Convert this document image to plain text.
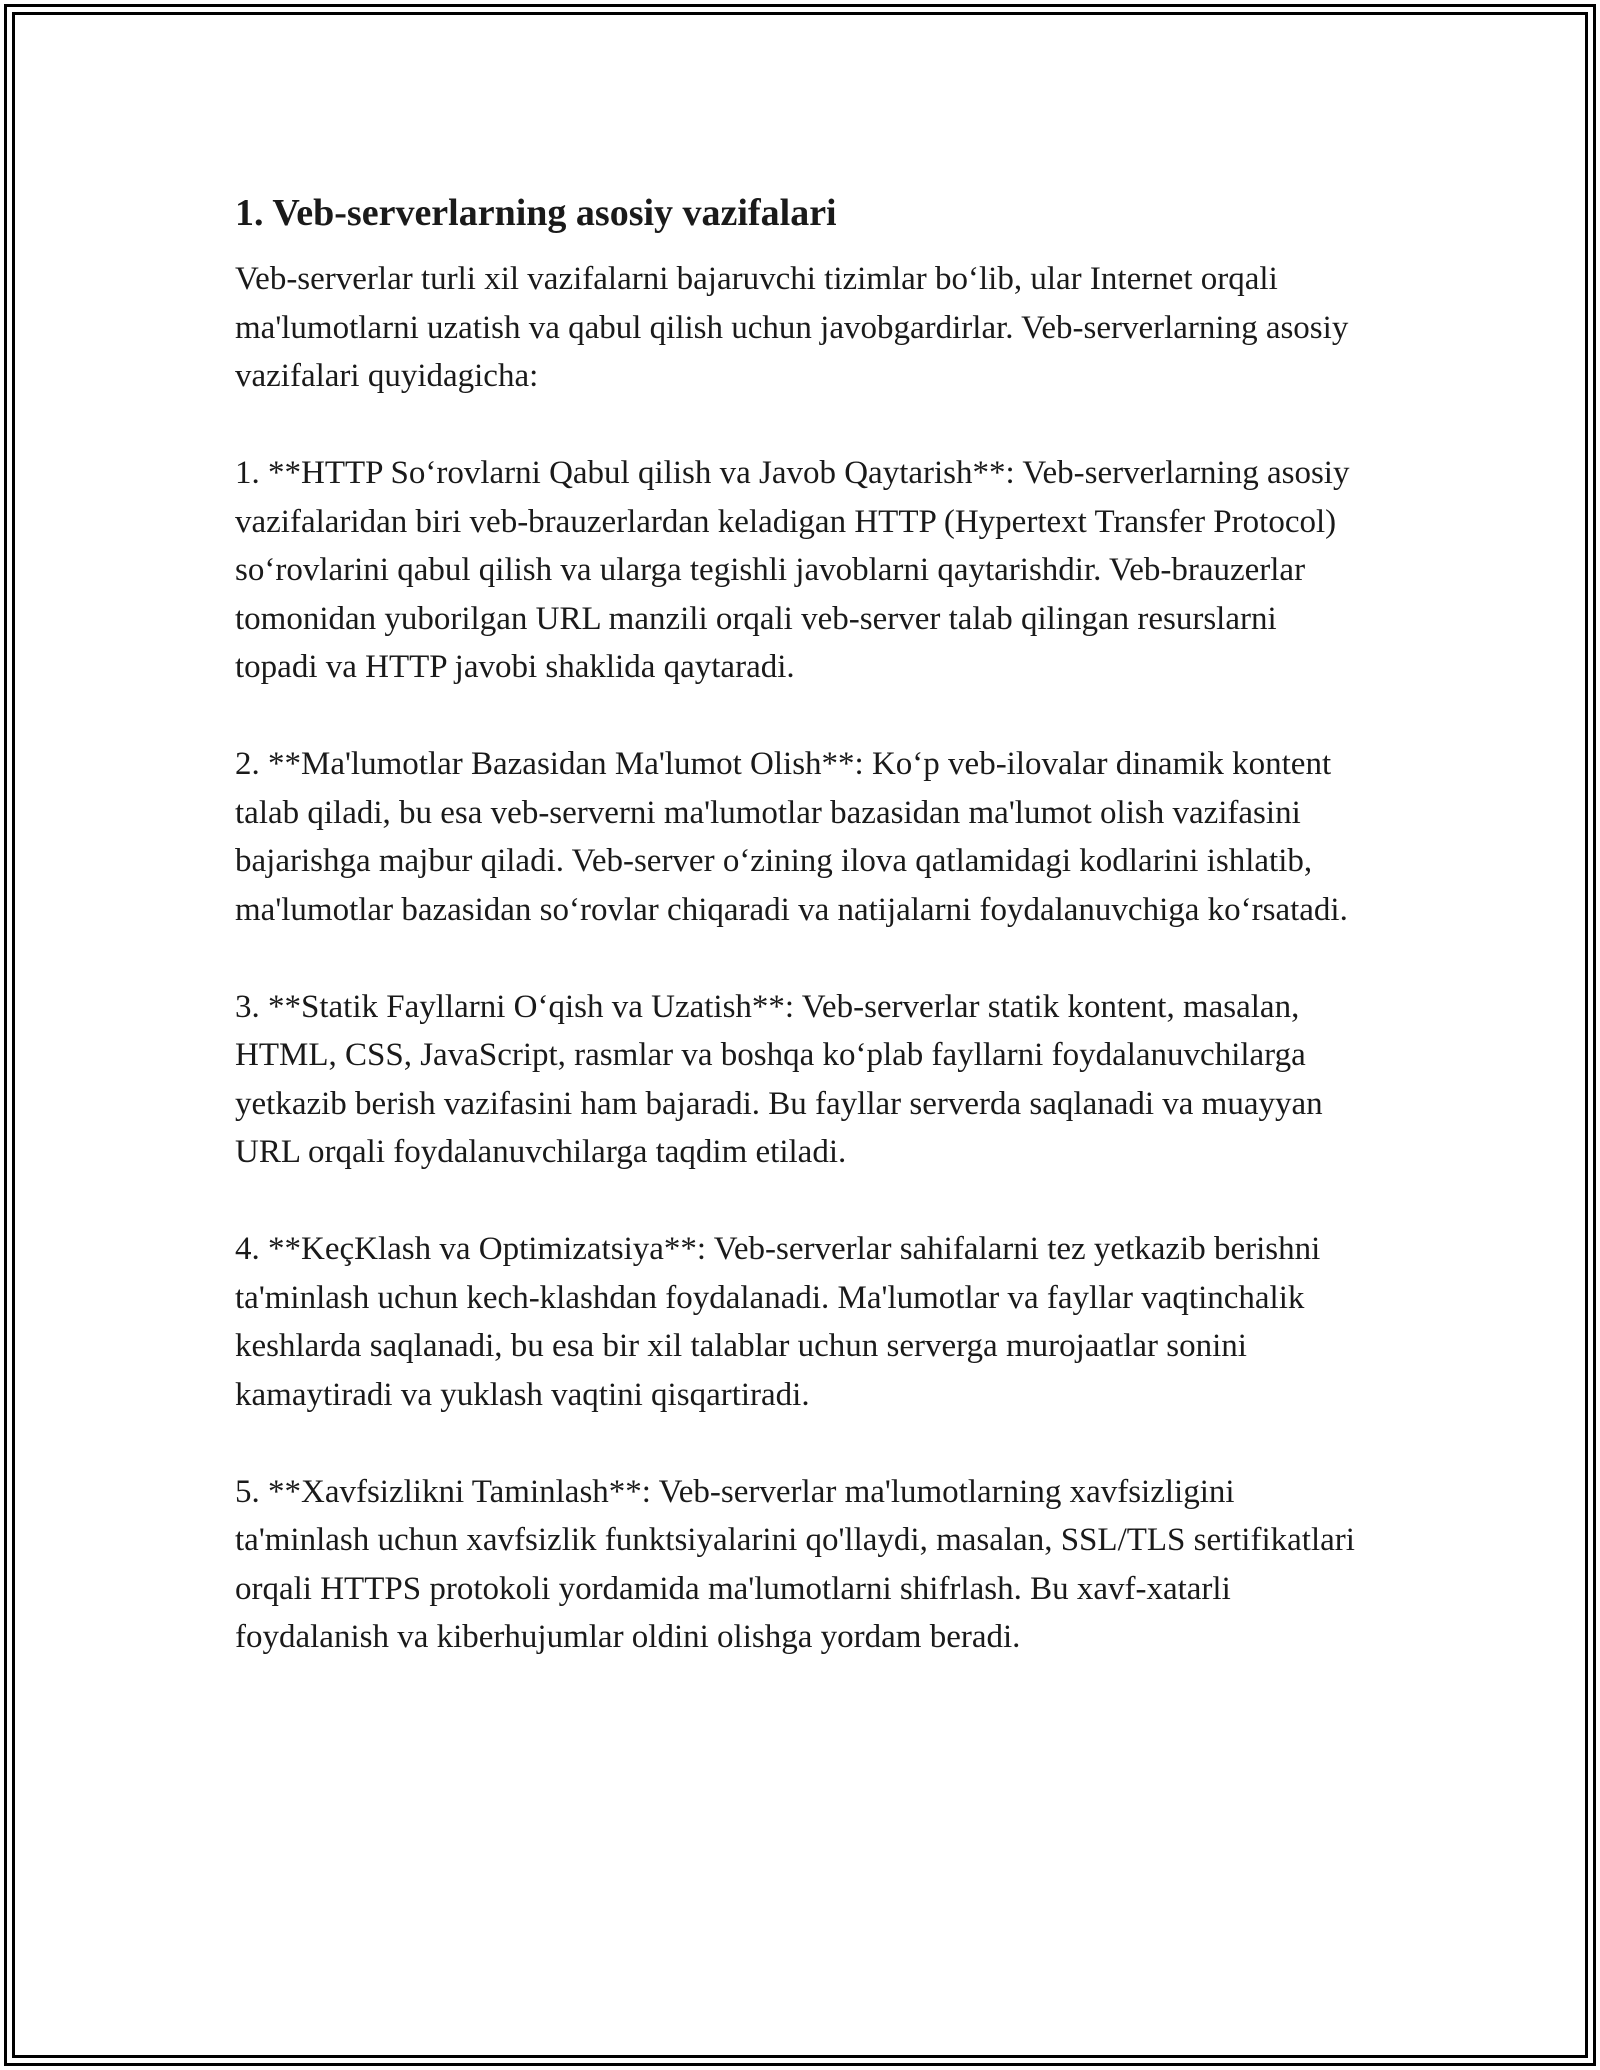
1. Veb-serverlarning asosiy vazifalari

Veb-serverlar turli xil vazifalarni bajaruvchi tizimlar bo‘lib, ular Internet orqali ma'lumotlarni uzatish va qabul qilish uchun javobgardirlar. Veb-serverlarning asosiy vazifalari quyidagicha:

1. **HTTP So‘rovlarni Qabul qilish va Javob Qaytarish**: Veb-serverlarning asosiy vazifalaridan biri veb-brauzerlardan keladigan HTTP (Hypertext Transfer Protocol) so‘rovlarini qabul qilish va ularga tegishli javoblarni qaytarishdir. Veb-brauzerlar tomonidan yuborilgan URL manzili orqali veb-server talab qilingan resurslarni topadi va HTTP javobi shaklida qaytaradi.

2. **Ma'lumotlar Bazasidan Ma'lumot Olish**: Ko‘p veb-ilovalar dinamik kontent talab qiladi, bu esa veb-serverni ma'lumotlar bazasidan ma'lumot olish vazifasini bajarishga majbur qiladi. Veb-server o‘zining ilova qatlamidagi kodlarini ishlatib, ma'lumotlar bazasidan so‘rovlar chiqaradi va natijalarni foydalanuvchiga ko‘rsatadi.

3. **Statik Fayllarni O‘qish va Uzatish**: Veb-serverlar statik kontent, masalan, HTML, CSS, JavaScript, rasmlar va boshqa ko‘plab fayllarni foydalanuvchilarga yetkazib berish vazifasini ham bajaradi. Bu fayllar serverda saqlanadi va muayyan URL orqali foydalanuvchilarga taqdim etiladi.

4. **KeçKlash va Optimizatsiya**: Veb-serverlar sahifalarni tez yetkazib berishni ta'minlash uchun kech-klashdan foydalanadi. Ma'lumotlar va fayllar vaqtinchalik keshlarda saqlanadi, bu esa bir xil talablar uchun serverga murojaatlar sonini kamaytiradi va yuklash vaqtini qisqartiradi.

5. **Xavfsizlikni Taminlash**: Veb-serverlar ma'lumotlarning xavfsizligini ta'minlash uchun xavfsizlik funktsiyalarini qo'llaydi, masalan, SSL/TLS sertifikatlari orqali HTTPS protokoli yordamida ma'lumotlarni shifrlash. Bu xavf-xatarli foydalanish va kiberhujumlar oldini olishga yordam beradi.
